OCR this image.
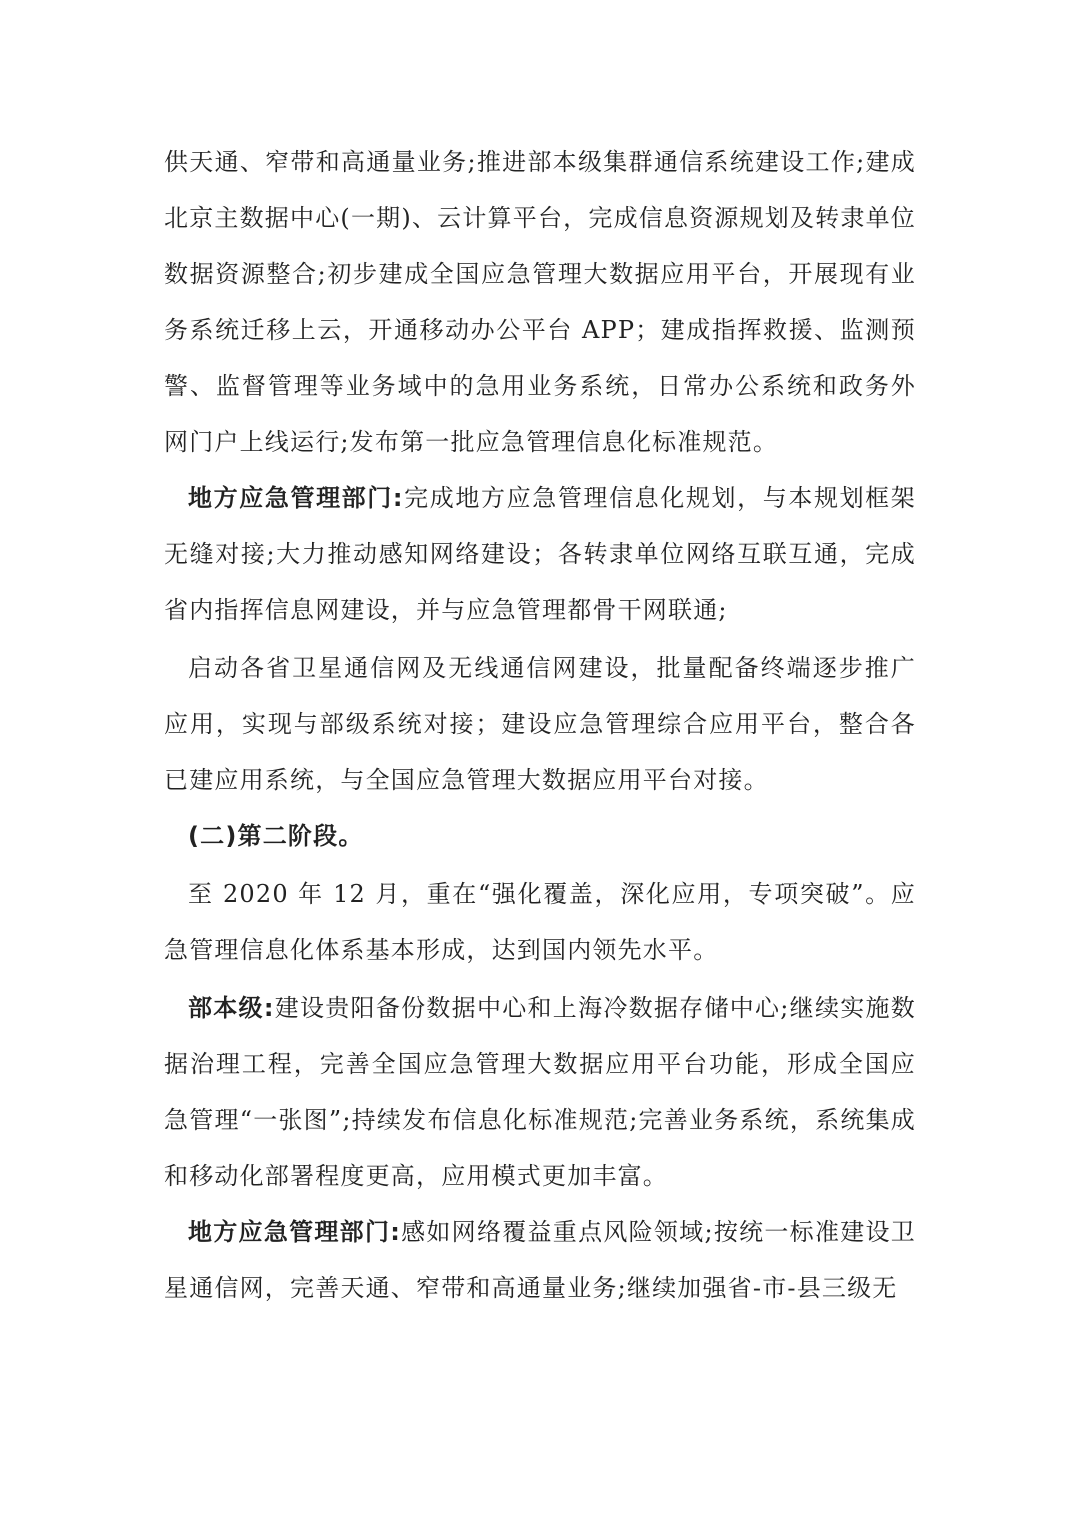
供天通、窄带和高通量业务;推进部本级集群通信系统建设工作;建成北京主数据中心(一期)、云计算平台，完成信息资源规划及转隶单位数据资源整合;初步建成全国应急管理大数据应用平台，开展现有业务系统迁移上云，开通移动办公平台 APP；建成指挥救援、监测预警、监督管理等业务域中的急用业务系统，日常办公系统和政务外网门户上线运行;发布第一批应急管理信息化标准规范。

地方应急管理部门:完成地方应急管理信息化规划，与本规划框架无缝对接;大力推动感知网络建设；各转隶单位网络互联互通，完成省内指挥信息网建设，并与应急管理都骨干网联通;

启动各省卫星通信网及无线通信网建设，批量配备终端逐步推广应用，实现与部级系统对接；建设应急管理综合应用平台，整合各已建应用系统，与全国应急管理大数据应用平台对接。

(二)第二阶段。

至 2020 年 12 月，重在“强化覆盖，深化应用，专项突破”。应急管理信息化体系基本形成，达到国内领先水平。

部本级:建设贵阳备份数据中心和上海冷数据存储中心;继续实施数据治理工程，完善全国应急管理大数据应用平台功能，形成全国应急管理“一张图”;持续发布信息化标准规范;完善业务系统，系统集成和移动化部署程度更高，应用模式更加丰富。

地方应急管理部门:感如网络覆益重点风险领域;按统一标准建设卫星通信网，完善天通、窄带和高通量业务;继续加强省-市-县三级无
